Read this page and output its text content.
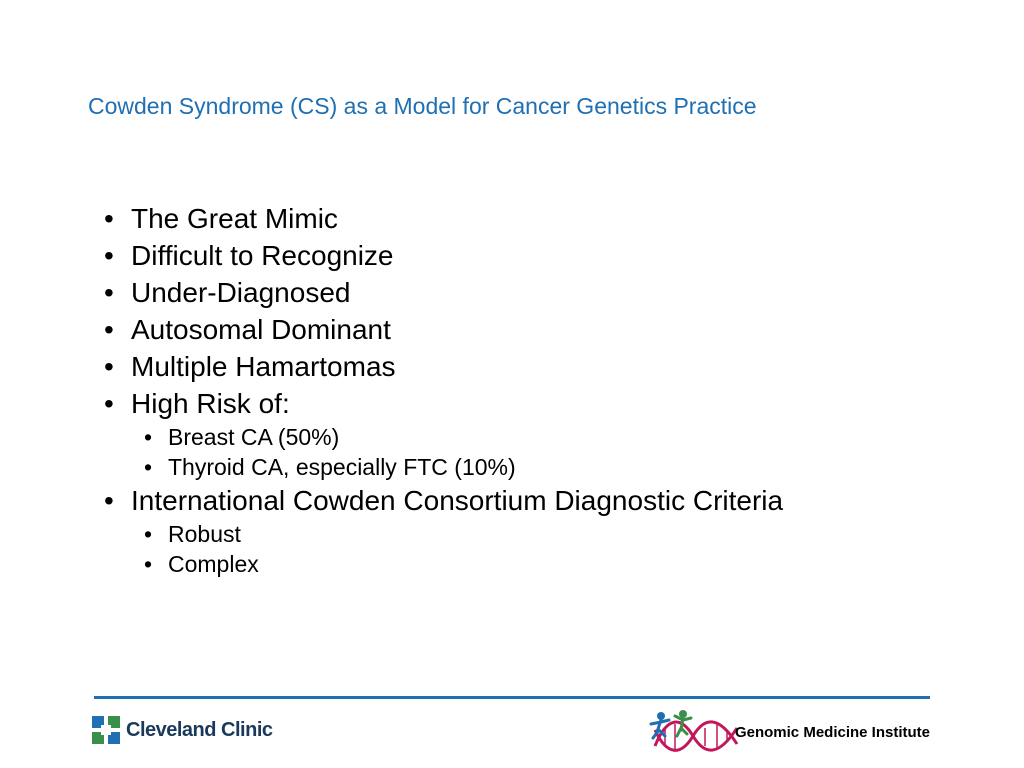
Cowden Syndrome (CS) as a Model for Cancer Genetics Practice
• The Great Mimic
• Difficult to Recognize
• Under-Diagnosed
• Autosomal Dominant
• Multiple Hamartomas
• High Risk of:
• Breast CA (50%)
• Thyroid CA, especially FTC (10%)
• International Cowden Consortium Diagnostic Criteria
• Robust
• Complex
Cleveland Clinic	Genomic Medicine Institute
